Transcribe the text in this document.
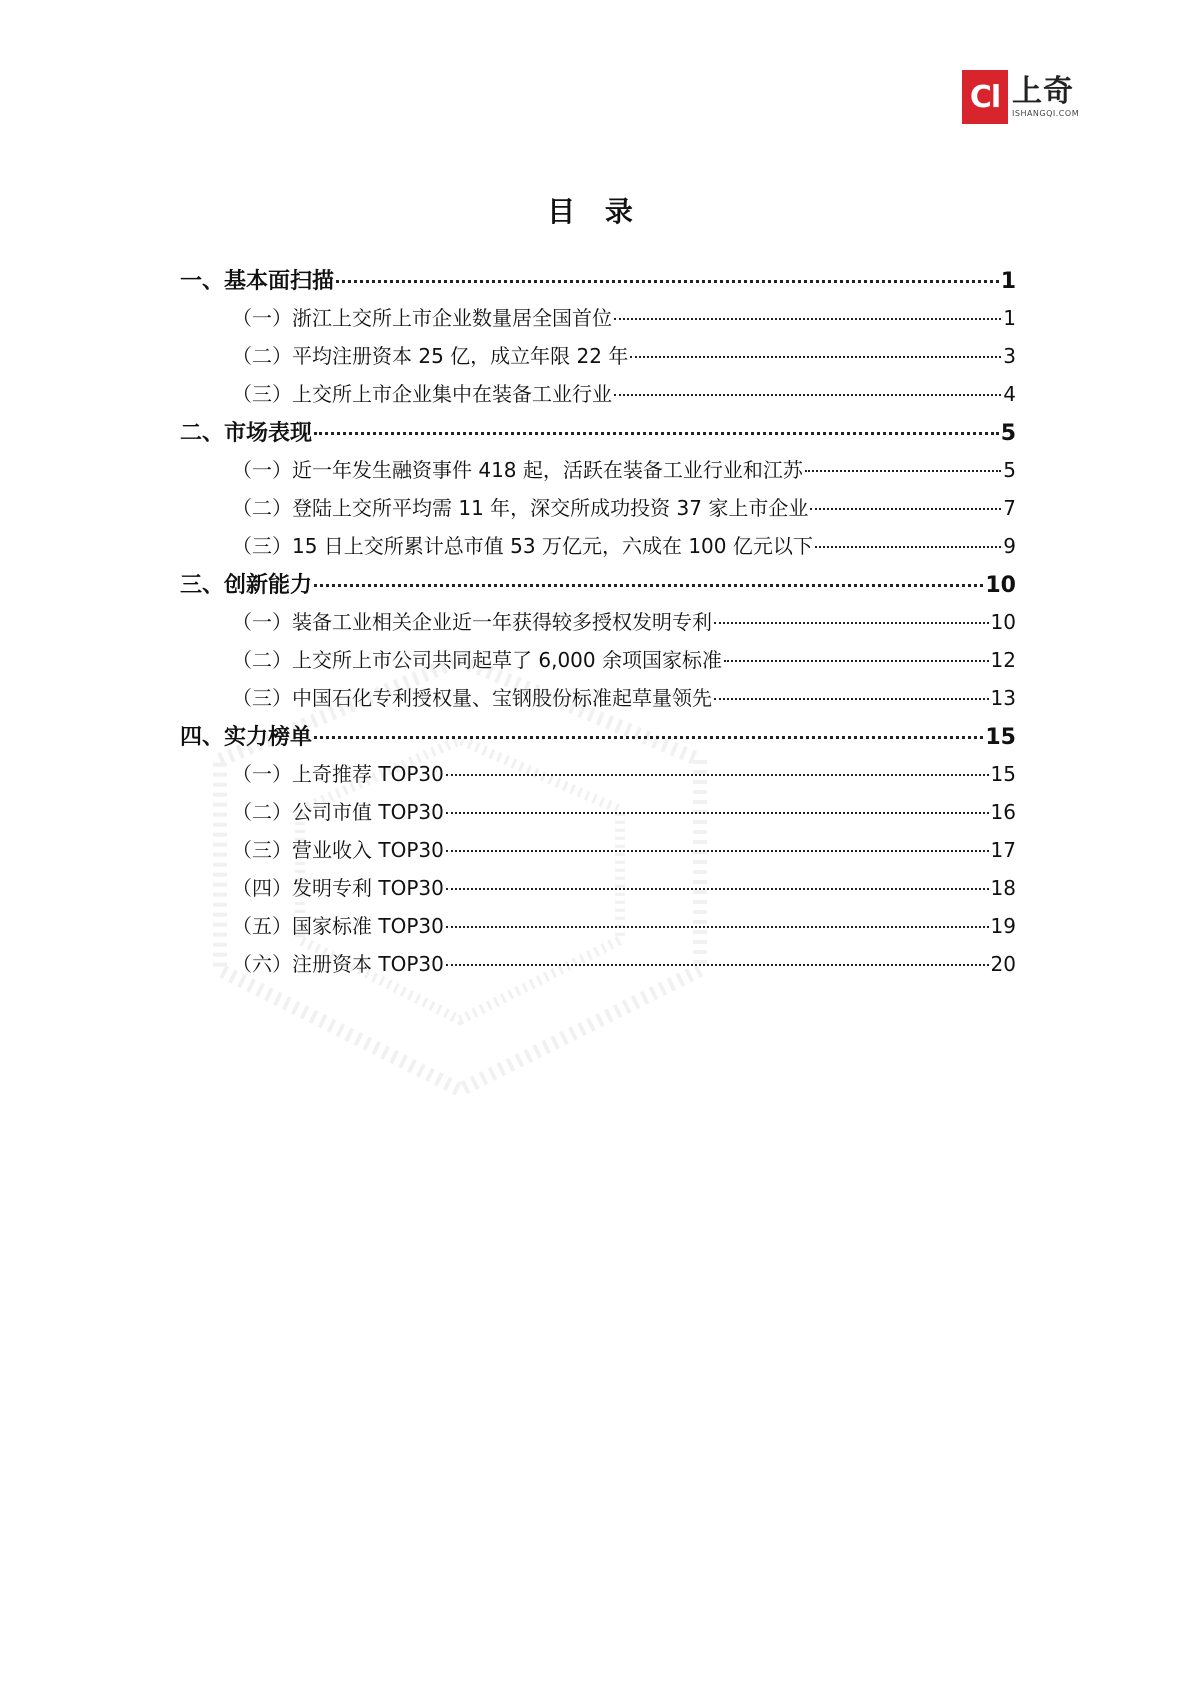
Cl 上奇
ISHANGQI.COM
目 录
一、基本面扫描	1
（一）浙江上交所上市企业数量居全国首位	1
（二）平均注册资本 25 亿，成立年限 22 年	3
（三）上交所上市企业集中在装备工业行业	4
二、市场表现	5
（一）近一年发生融资事件 418 起，活跃在装备工业行业和江苏	5
（二）登陆上交所平均需 11 年，深交所成功投资 37 家上市企业	7
（三）15 日上交所累计总市值 53 万亿元，六成在 100 亿元以下	9
三、创新能力	10
（一）装备工业相关企业近一年获得较多授权发明专利	10
（二）上交所上市公司共同起草了 6,000 余项国家标准	12
（三）中国石化专利授权量、宝钢股份标准起草量领先	13
四、实力榜单	15
（一）上奇推荐 TOP30	15
（二）公司市值 TOP30	16
（三）营业收入 TOP30	17
（四）发明专利 TOP30	18
（五）国家标准 TOP30	19
（六）注册资本 TOP30	20
